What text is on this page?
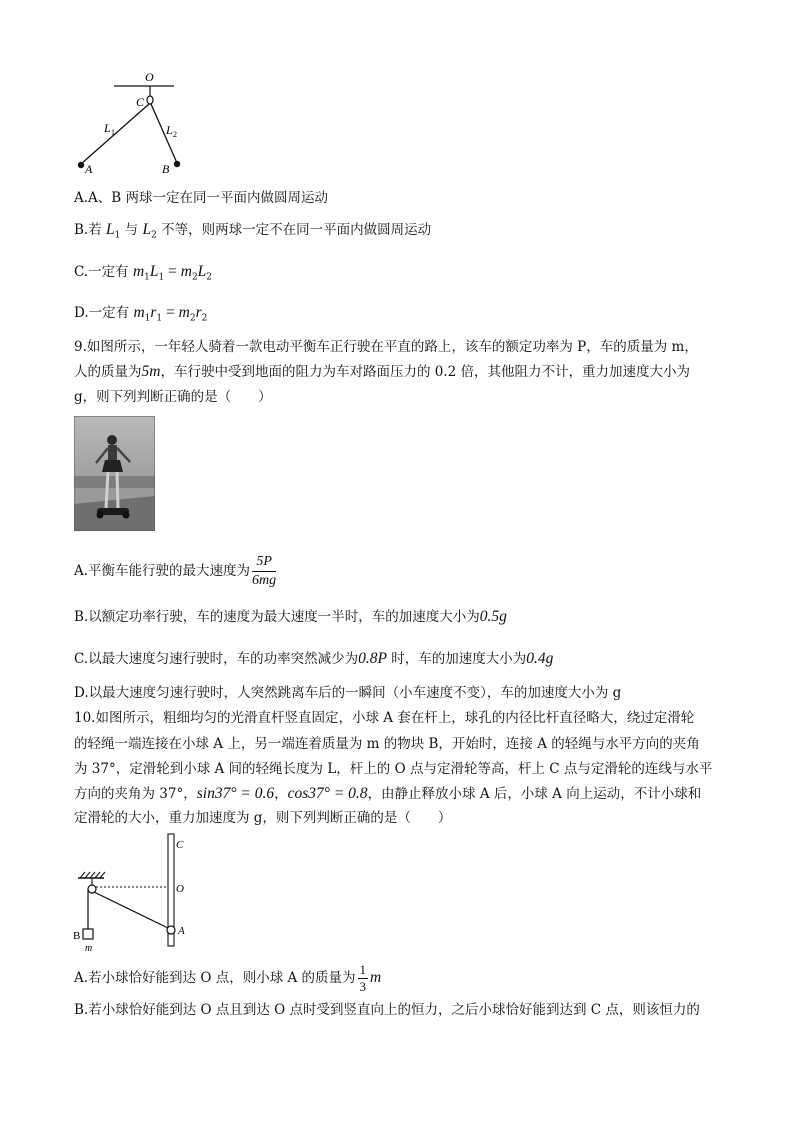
O
C
L 1	L 2
A	B
A.A、B 两球一定在同一平面内做圆周运动
B.若 $L_1$ 与 $L_2$ 不等，则两球一定不在同一平面内做圆周运动
C.一定有 $m_1L_1 = m_2L_2$
D.一定有 $m_1r_1 = m_2r_2$
9.如图所示，一年轻人骑着一款电动平衡车正行驶在平直的路上，该车的额定功率为 P，车的质量为 m，
人的质量为5m，车行驶中受到地面的阻力为车对路面压力的 0.2 倍，其他阻力不计，重力加速度大小为
g，则下列判断正确的是（　　）
A.平衡车能行驶的最大速度为 $\frac{5P}{6mg}$
B.以额定功率行驶，车的速度为最大速度一半时，车的加速度大小为0.5g
C.以最大速度匀速行驶时，车的功率突然减少为0.8P 时，车的加速度大小为0.4g
D.以最大速度匀速行驶时，人突然跳离车后的一瞬间（小车速度不变），车的加速度大小为 g
10.如图所示，粗细均匀的光滑直杆竖直固定，小球 A 套在杆上，球孔的内径比杆直径略大，绕过定滑轮
的轻绳一端连接在小球 A 上，另一端连着质量为 m 的物块 B，开始时，连接 A 的轻绳与水平方向的夹角
为 37°，定滑轮到小球 A 间的轻绳长度为 L，杆上的 O 点与定滑轮等高，杆上 C 点与定滑轮的连线与水平
方向的夹角为 37°，sin37° = 0.6，cos37° = 0.8，由静止释放小球 A 后，小球 A 向上运动，不计小球和
定滑轮的大小，重力加速度为 g，则下列判断正确的是（　　）
C
O
A
B
m
A.若小球恰好能到达 O 点，则小球 A 的质量为 $\frac{1}{3}$ m
B.若小球恰好能到达 O 点且到达 O 点时受到竖直向上的恒力，之后小球恰好能到达到 C 点，则该恒力的
